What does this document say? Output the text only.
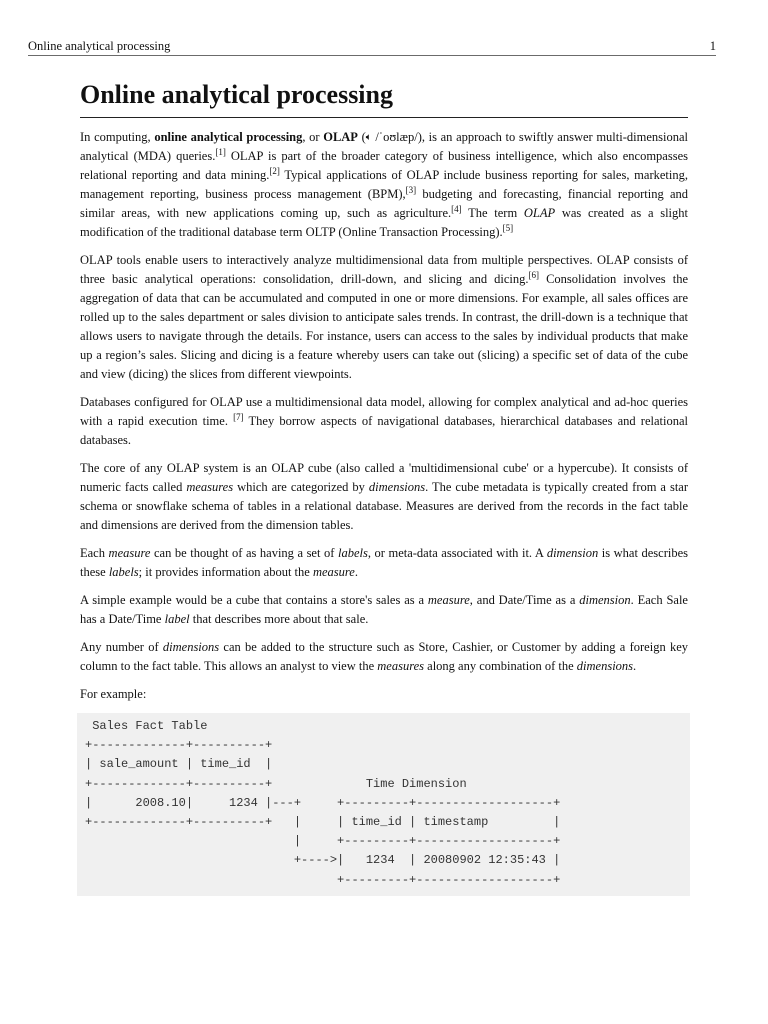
Online analytical processing	1
Online analytical processing

In computing, online analytical processing, or OLAP (🔈︎ /ˈoʊlæp/), is an approach to swiftly answer multi-dimensional analytical (MDA) queries.[1] OLAP is part of the broader category of business intelligence, which also encompasses relational reporting and data mining.[2] Typical applications of OLAP include business reporting for sales, marketing, management reporting, business process management (BPM),[3] budgeting and forecasting, financial reporting and similar areas, with new applications coming up, such as agriculture.[4] The term OLAP was created as a slight modification of the traditional database term OLTP (Online Transaction Processing).[5]

OLAP tools enable users to interactively analyze multidimensional data from multiple perspectives. OLAP consists of three basic analytical operations: consolidation, drill-down, and slicing and dicing.[6] Consolidation involves the aggregation of data that can be accumulated and computed in one or more dimensions. For example, all sales offices are rolled up to the sales department or sales division to anticipate sales trends. In contrast, the drill-down is a technique that allows users to navigate through the details. For instance, users can access to the sales by individual products that make up a region’s sales. Slicing and dicing is a feature whereby users can take out (slicing) a specific set of data of the cube and view (dicing) the slices from different viewpoints.

Databases configured for OLAP use a multidimensional data model, allowing for complex analytical and ad-hoc queries with a rapid execution time. [7] They borrow aspects of navigational databases, hierarchical databases and relational databases.

The core of any OLAP system is an OLAP cube (also called a 'multidimensional cube' or a hypercube). It consists of numeric facts called measures which are categorized by dimensions. The cube metadata is typically created from a star schema or snowflake schema of tables in a relational database. Measures are derived from the records in the fact table and dimensions are derived from the dimension tables.

Each measure can be thought of as having a set of labels, or meta-data associated with it. A dimension is what describes these labels; it provides information about the measure.

A simple example would be a cube that contains a store's sales as a measure, and Date/Time as a dimension. Each Sale has a Date/Time label that describes more about that sale.

Any number of dimensions can be added to the structure such as Store, Cashier, or Customer by adding a foreign key column to the fact table. This allows an analyst to view the measures along any combination of the dimensions.

For example:

Sales Fact Table
+-------------+----------+
| sale_amount | time_id  |
+-------------+----------+             Time Dimension
|      2008.10|     1234 |---+     +---------+-------------------+
+-------------+----------+   |     | time_id | timestamp         |
|     +---------+-------------------+
+---->|   1234  | 20080902 12:35:43 |
+---------+-------------------+
